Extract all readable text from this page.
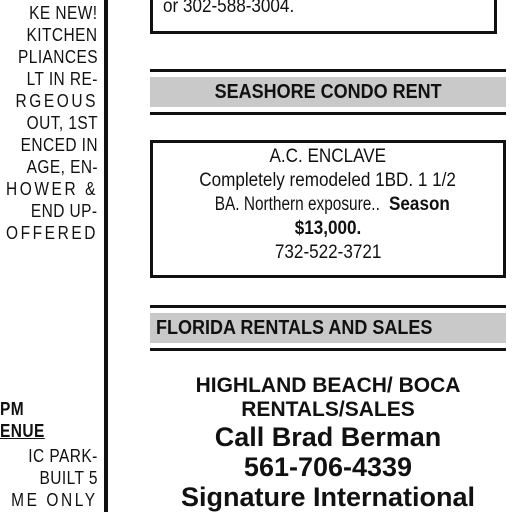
KE NEW!
KITCHEN
PLIANCES
LT IN RE-
RGEOUS
OUT, 1ST
ENCED IN
AGE, EN-
HOWER &
END UP-
OFFERED
PM
ENUE
IC PARK-
BUILT 5
ME ONLY
or 302-588-3004.
SEASHORE CONDO RENT
A.C. ENCLAVE
Completely remodeled 1BD. 1 1/2
BA. Northern exposure..Season
$13,000.
732-522-3721
FLORIDA RENTALS AND SALES
HIGHLAND BEACH/ BOCA
RENTALS/SALES
Call Brad Berman
561-706-4339
Signature International
